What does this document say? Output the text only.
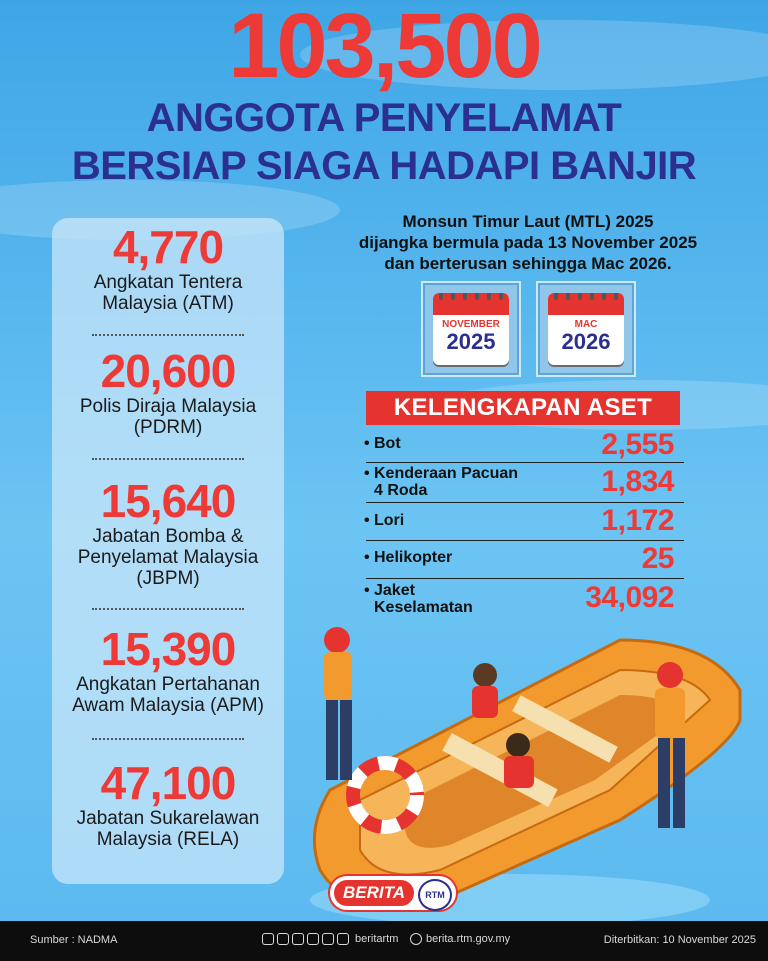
103,500
ANGGOTA PENYELAMAT
BERSIAP SIAGA HADAPI BANJIR
4,770
Angkatan Tentera
Malaysia (ATM)
20,600
Polis Diraja Malaysia
(PDRM)
15,640
Jabatan Bomba &
Penyelamat Malaysia
(JBPM)
15,390
Angkatan Pertahanan
Awam Malaysia (APM)
47,100
Jabatan Sukarelawan
Malaysia (RELA)
Monsun Timur Laut (MTL) 2025
dijangka bermula pada 13 November 2025
dan berterusan sehingga Mac 2026.
NOVEMBER
2025
MAC
2026
KELENGKAPAN ASET
• Bot	2,555
• Kenderaan Pacuan
4 Roda	1,834
• Lori	1,172
• Helikopter	25
• Jaket
Keselamatan	34,092
BERITA	RTM
Sumber : NADMA	beritartm	berita.rtm.gov.my	Diterbitkan: 10 November 2025
